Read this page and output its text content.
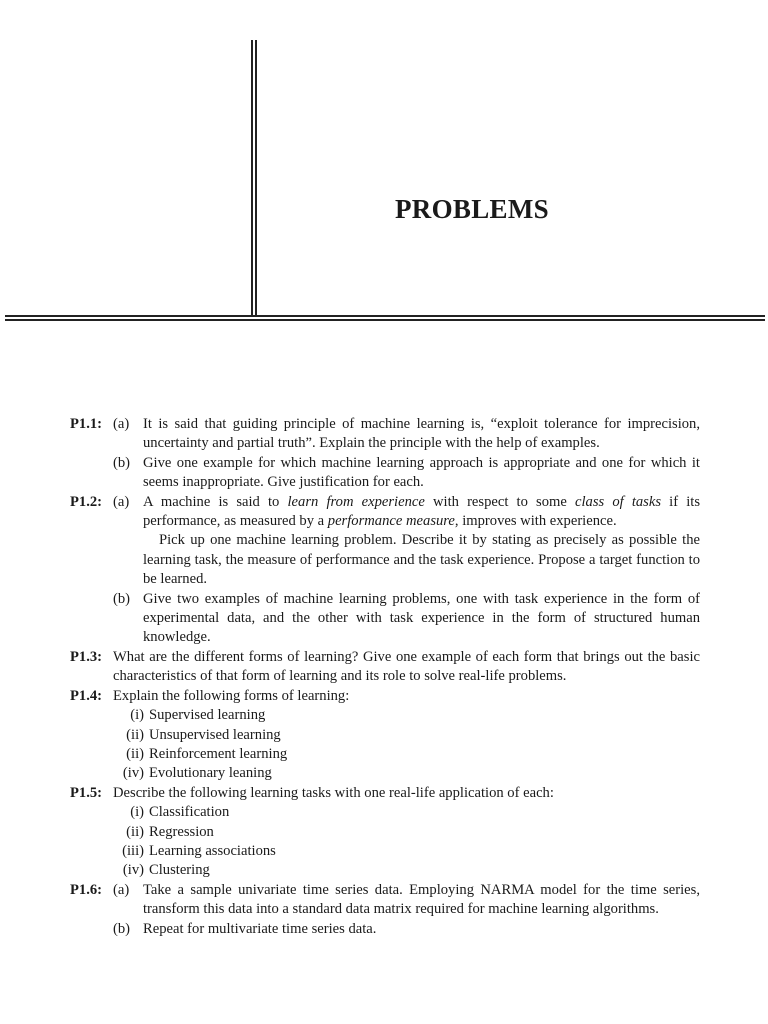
PROBLEMS
P1.1: (a) It is said that guiding principle of machine learning is, “exploit tolerance for imprecision, uncertainty and partial truth”. Explain the principle with the help of examples.
(b) Give one example for which machine learning approach is appropriate and one for which it seems inappropriate. Give justification for each.
P1.2: (a) A machine is said to learn from experience with respect to some class of tasks if its performance, as measured by a performance measure, improves with experience.
Pick up one machine learning problem. Describe it by stating as precisely as possible the learning task, the measure of performance and the task experience. Propose a target function to be learned.
(b) Give two examples of machine learning problems, one with task experience in the form of experimental data, and the other with task experience in the form of structured human knowledge.
P1.3: What are the different forms of learning? Give one example of each form that brings out the basic characteristics of that form of learning and its role to solve real-life problems.
P1.4: Explain the following forms of learning:
(i) Supervised learning
(ii) Unsupervised learning
(ii) Reinforcement learning
(iv) Evolutionary leaning
P1.5: Describe the following learning tasks with one real-life application of each:
(i) Classification
(ii) Regression
(iii) Learning associations
(iv) Clustering
P1.6: (a) Take a sample univariate time series data. Employing NARMA model for the time series, transform this data into a standard data matrix required for machine learning algorithms.
(b) Repeat for multivariate time series data.
